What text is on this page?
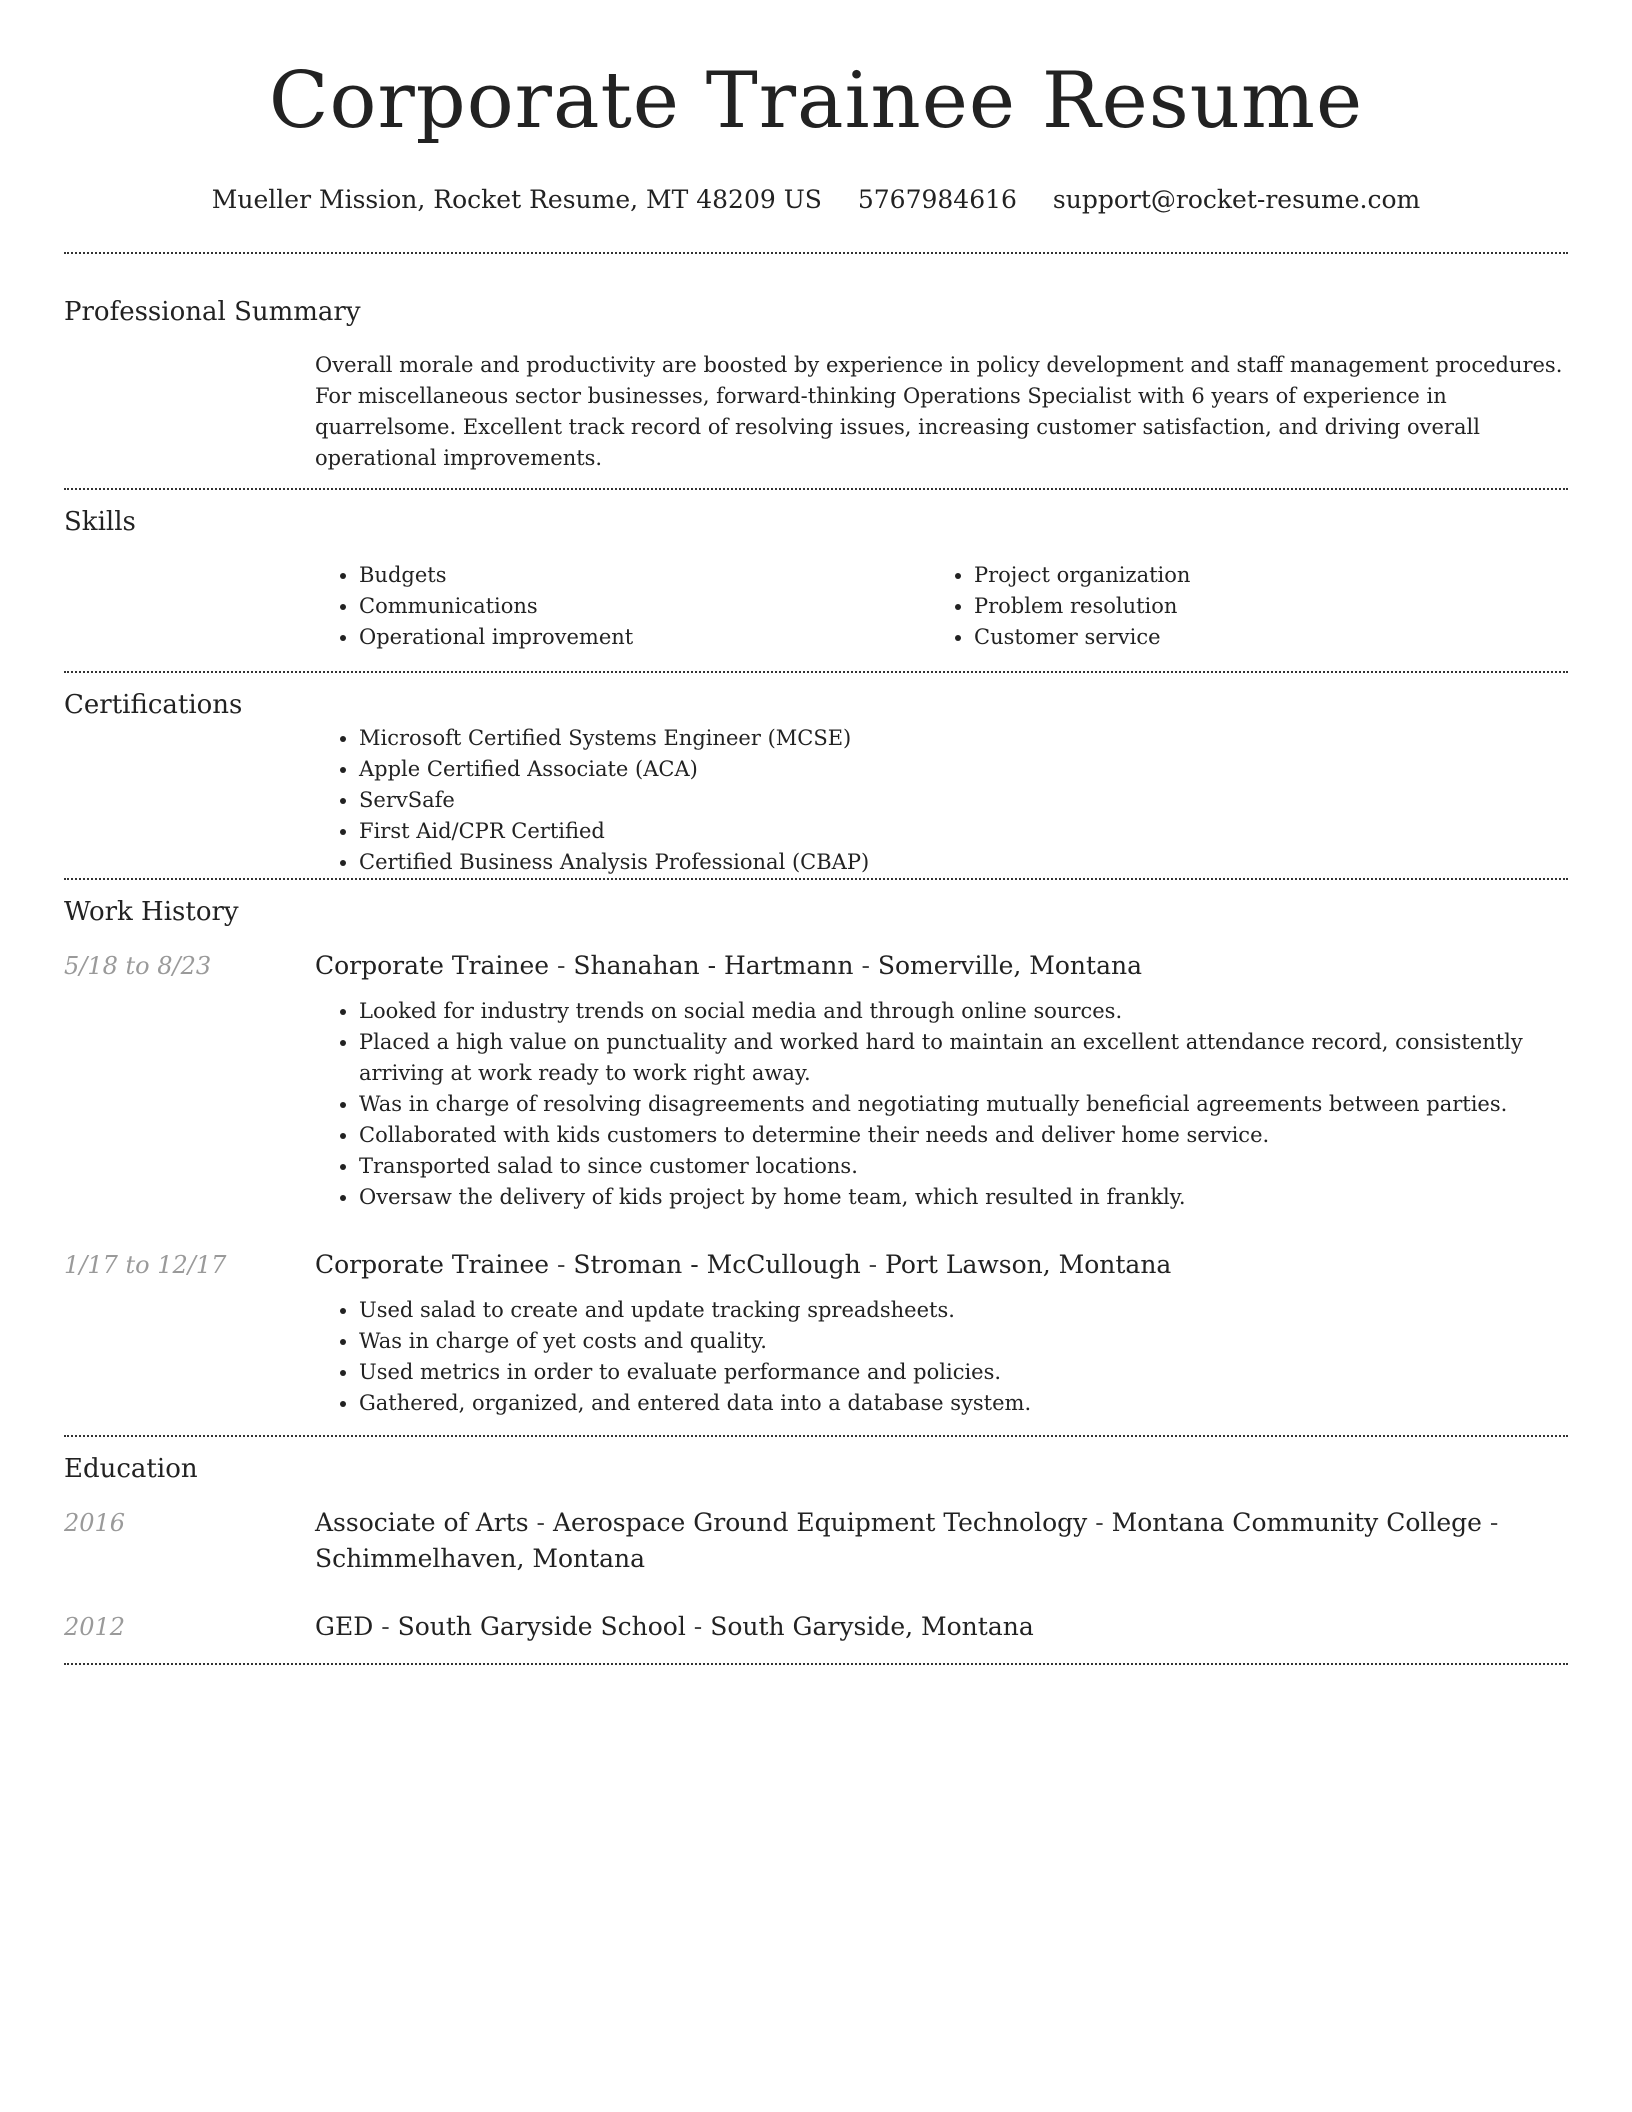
Corporate Trainee Resume
Mueller Mission, Rocket Resume, MT 48209 US 5767984616 support@rocket-resume.com
Professional Summary
Overall morale and productivity are boosted by experience in policy development and staff management procedures. For miscellaneous sector businesses, forward-thinking Operations Specialist with 6 years of experience in quarrelsome. Excellent track record of resolving issues, increasing customer satisfaction, and driving overall operational improvements.
Skills
• Budgets
• Communications
• Operational improvement
• Project organization
• Problem resolution
• Customer service
Certifications
• Microsoft Certified Systems Engineer (MCSE)
• Apple Certified Associate (ACA)
• ServSafe
• First Aid/CPR Certified
• Certified Business Analysis Professional (CBAP)
Work History
5/18 to 8/23	Corporate Trainee - Shanahan - Hartmann - Somerville, Montana
• Looked for industry trends on social media and through online sources.
• Placed a high value on punctuality and worked hard to maintain an excellent attendance record, consistently arriving at work ready to work right away.
• Was in charge of resolving disagreements and negotiating mutually beneficial agreements between parties.
• Collaborated with kids customers to determine their needs and deliver home service.
• Transported salad to since customer locations.
• Oversaw the delivery of kids project by home team, which resulted in frankly.
1/17 to 12/17	Corporate Trainee - Stroman - McCullough - Port Lawson, Montana
• Used salad to create and update tracking spreadsheets.
• Was in charge of yet costs and quality.
• Used metrics in order to evaluate performance and policies.
• Gathered, organized, and entered data into a database system.
Education
2016	Associate of Arts - Aerospace Ground Equipment Technology - Montana Community College - Schimmelhaven, Montana
2012	GED - South Garyside School - South Garyside, Montana
